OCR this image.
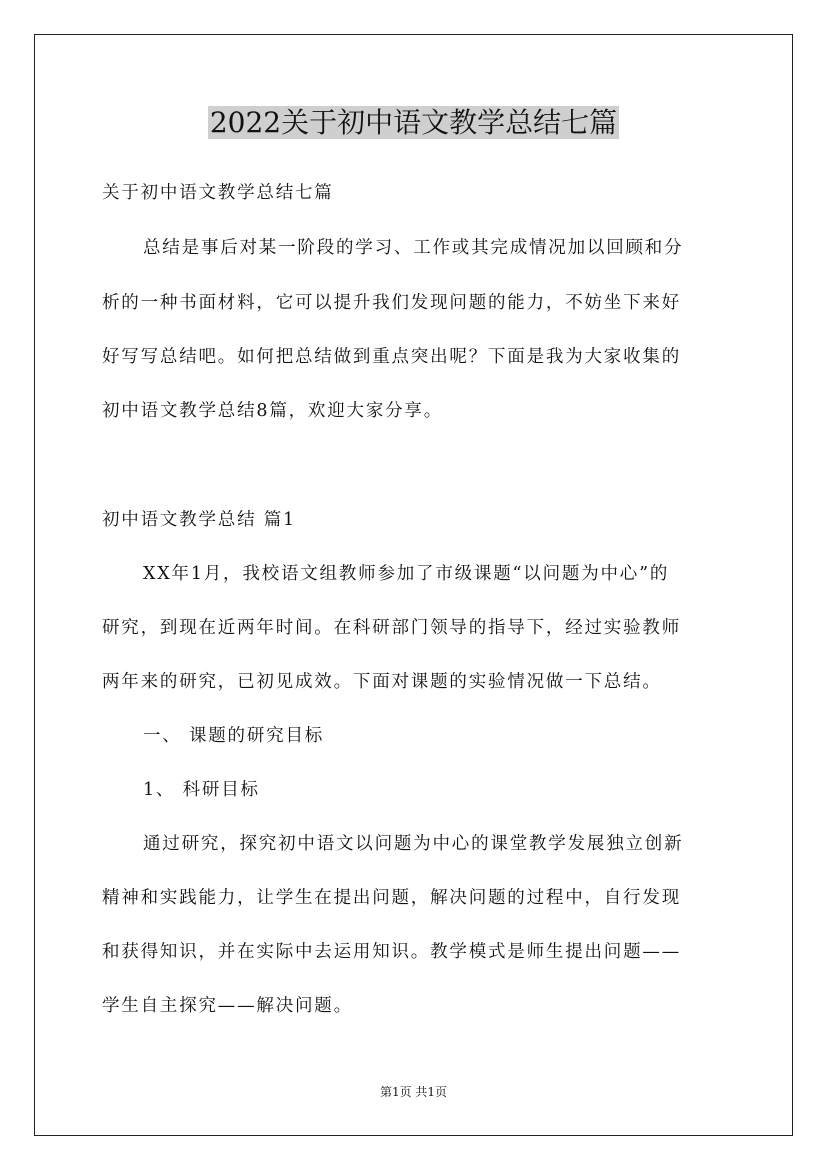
2022关于初中语文教学总结七篇
关于初中语文教学总结七篇
总结是事后对某一阶段的学习、工作或其完成情况加以回顾和分
析的一种书面材料，它可以提升我们发现问题的能力，不妨坐下来好
好写写总结吧。如何把总结做到重点突出呢？下面是我为大家收集的
初中语文教学总结8篇，欢迎大家分享。
初中语文教学总结 篇1
XX年1月，我校语文组教师参加了市级课题“以问题为中心”的
研究，到现在近两年时间。在科研部门领导的指导下，经过实验教师
两年来的研究，已初见成效。下面对课题的实验情况做一下总结。
一、 课题的研究目标
1、 科研目标
通过研究，探究初中语文以问题为中心的课堂教学发展独立创新
精神和实践能力，让学生在提出问题，解决问题的过程中，自行发现
和获得知识，并在实际中去运用知识。教学模式是师生提出问题——
学生自主探究——解决问题。
第1页 共1页
